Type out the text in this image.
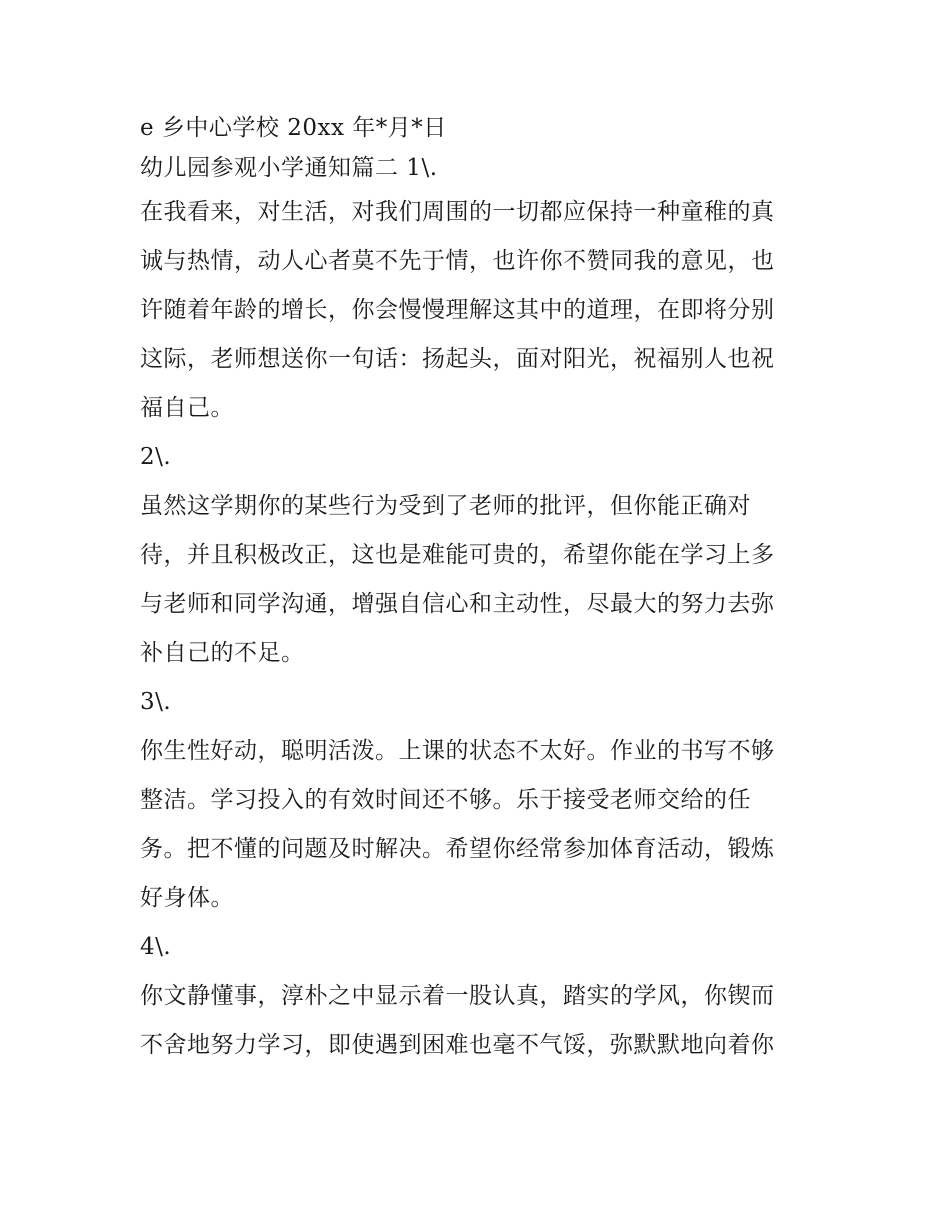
e 乡中心学校 20xx 年*月*日
幼儿园参观小学通知篇二 1\.
在我看来，对生活，对我们周围的一切都应保持一种童稚的真
诚与热情，动人心者莫不先于情，也许你不赞同我的意见，也
许随着年龄的增长，你会慢慢理解这其中的道理，在即将分别
这际，老师想送你一句话：扬起头，面对阳光，祝福别人也祝
福自己。
2\.
虽然这学期你的某些行为受到了老师的批评，但你能正确对
待，并且积极改正，这也是难能可贵的，希望你能在学习上多
与老师和同学沟通，增强自信心和主动性，尽最大的努力去弥
补自己的不足。
3\.
你生性好动，聪明活泼。上课的状态不太好。作业的书写不够
整洁。学习投入的有效时间还不够。乐于接受老师交给的任
务。把不懂的问题及时解决。希望你经常参加体育活动，锻炼
好身体。
4\.
你文静懂事，淳朴之中显示着一股认真，踏实的学风，你锲而
不舍地努力学习，即使遇到困难也毫不气馁，弥默默地向着你
